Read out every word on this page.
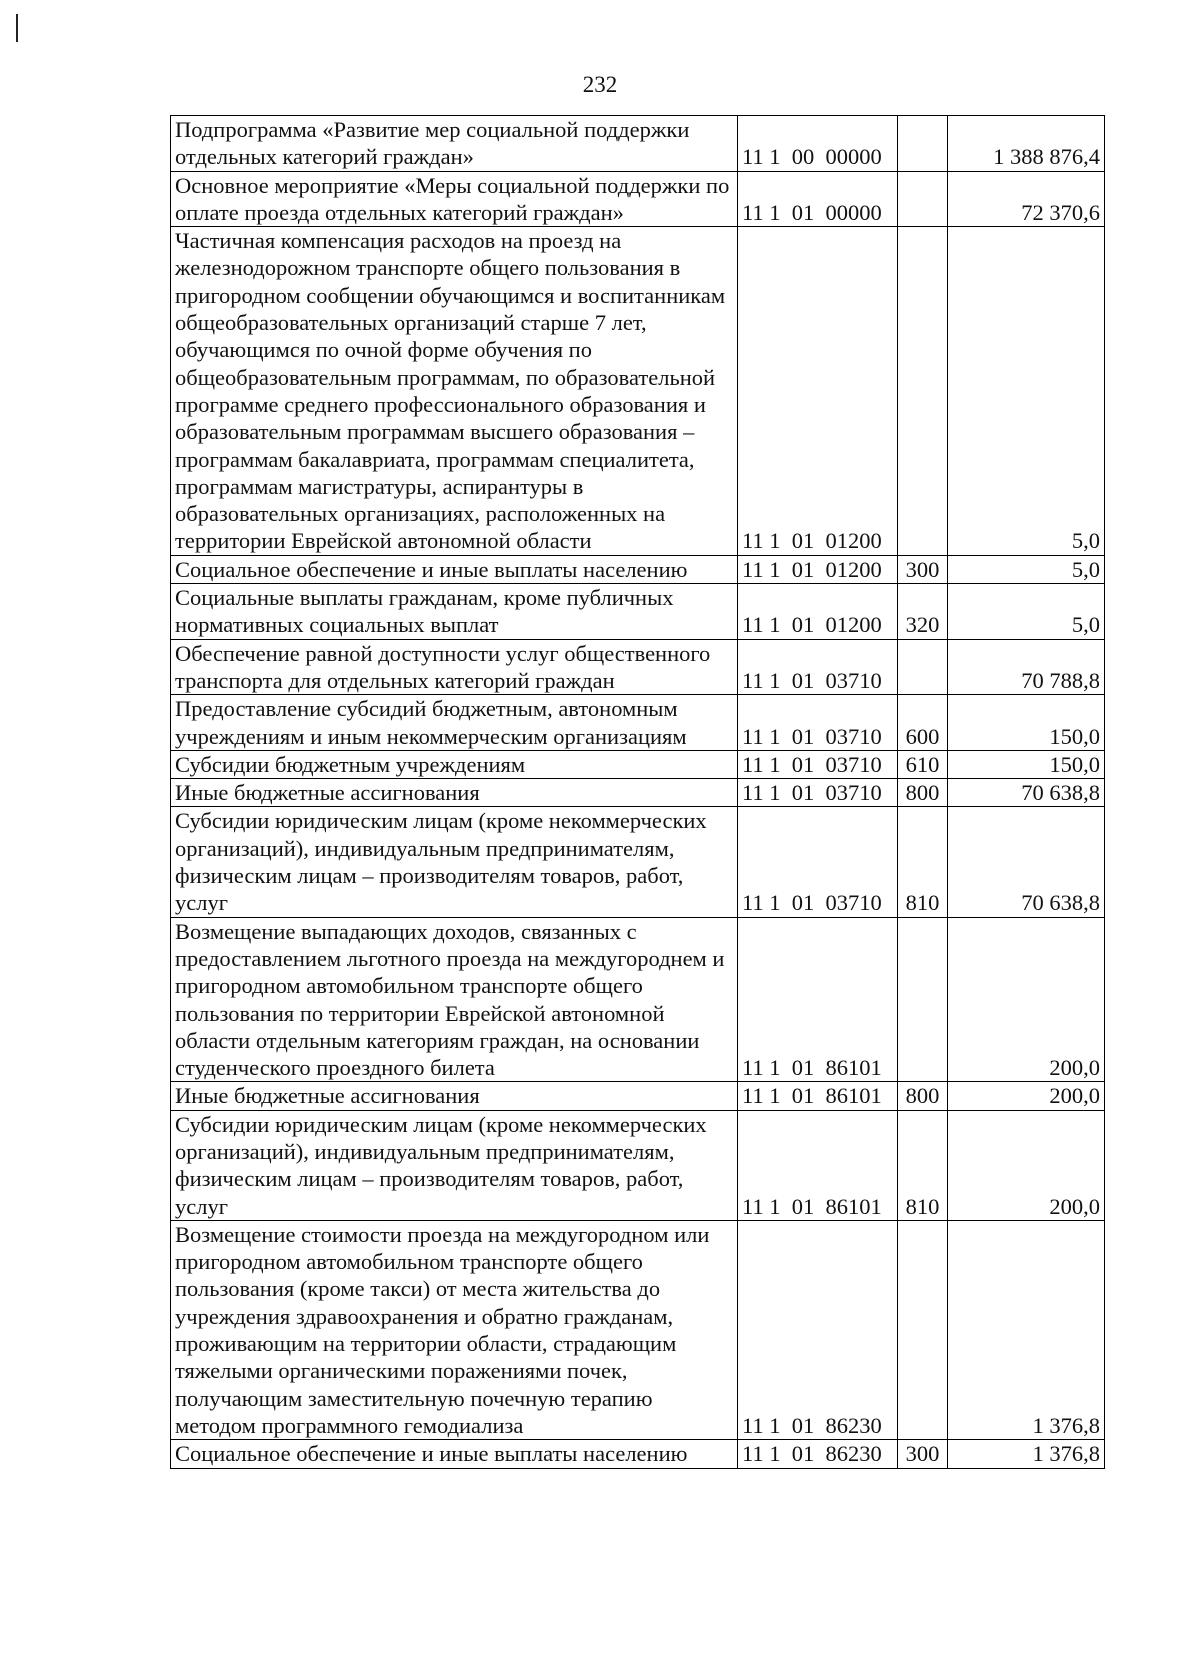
232
Подпрограмма «Развитие мер социальной поддержки отдельных категорий граждан»	11 1  00  00000		1 388 876,4
Основное мероприятие «Меры социальной поддержки по оплате проезда отдельных категорий граждан»	11 1  01  00000		72 370,6
Частичная компенсация расходов на проезд на железнодорожном транспорте общего пользования в пригородном сообщении обучающимся и воспитанникам общеобразовательных организаций старше 7 лет, обучающимся по очной форме обучения по общеобразовательным программам, по образовательной программе среднего профессионального образования и образовательным программам высшего образования – программам бакалавриата, программам специалитета, программам магистратуры, аспирантуры в образовательных организациях, расположенных на территории Еврейской автономной области	11 1  01  01200		5,0
Социальное обеспечение и иные выплаты населению	11 1  01  01200	300	5,0
Социальные выплаты гражданам, кроме публичных нормативных социальных выплат	11 1  01  01200	320	5,0
Обеспечение равной доступности услуг общественного транспорта для отдельных категорий граждан	11 1  01  03710		70 788,8
Предоставление субсидий бюджетным, автономным учреждениям и иным некоммерческим организациям	11 1  01  03710	600	150,0
Субсидии бюджетным учреждениям	11 1  01  03710	610	150,0
Иные бюджетные ассигнования	11 1  01  03710	800	70 638,8
Субсидии юридическим лицам (кроме некоммерческих организаций), индивидуальным предпринимателям, физическим лицам – производителям товаров, работ, услуг	11 1  01  03710	810	70 638,8
Возмещение выпадающих доходов, связанных с предоставлением льготного проезда на междугороднем и пригородном автомобильном транспорте общего пользования по территории Еврейской автономной области отдельным категориям граждан, на основании студенческого проездного билета	11 1  01  86101		200,0
Иные бюджетные ассигнования	11 1  01  86101	800	200,0
Субсидии юридическим лицам (кроме некоммерческих организаций), индивидуальным предпринимателям, физическим лицам – производителям товаров, работ, услуг	11 1  01  86101	810	200,0
Возмещение стоимости проезда на междугородном или пригородном автомобильном транспорте общего пользования (кроме такси) от места жительства до учреждения здравоохранения и обратно гражданам, проживающим на территории области, страдающим тяжелыми органическими поражениями почек, получающим заместительную почечную терапию методом программного гемодиализа	11 1  01  86230		1 376,8
Социальное обеспечение и иные выплаты населению	11 1  01  86230	300	1 376,8
